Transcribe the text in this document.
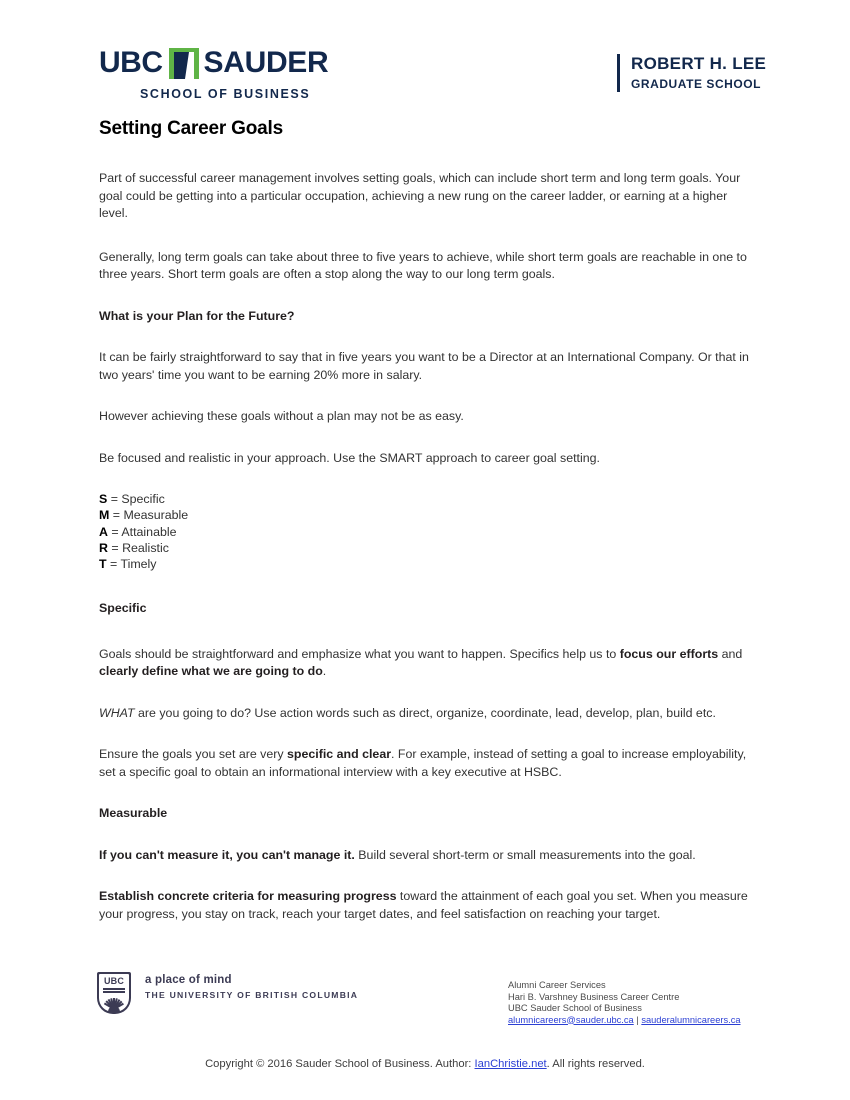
UBC SAUDER
SCHOOL OF BUSINESS
ROBERT H. LEE
GRADUATE SCHOOL
Setting Career Goals

Part of successful career management involves setting goals, which can include short term and long term goals. Your goal could be getting into a particular occupation, achieving a new rung on the career ladder, or earning at a higher level.

Generally, long term goals can take about three to five years to achieve, while short term goals are reachable in one to three years. Short term goals are often a stop along the way to our long term goals.

What is your Plan for the Future?

It can be fairly straightforward to say that in five years you want to be a Director at an International Company. Or that in two years' time you want to be earning 20% more in salary.

However achieving these goals without a plan may not be as easy.

Be focused and realistic in your approach. Use the SMART approach to career goal setting.

S = Specific
M = Measurable
A = Attainable
R = Realistic
T = Timely
Specific

Goals should be straightforward and emphasize what you want to happen. Specifics help us to focus our efforts and clearly define what we are going to do.

WHAT are you going to do? Use action words such as direct, organize, coordinate, lead, develop, plan, build etc.

Ensure the goals you set are very specific and clear. For example, instead of setting a goal to increase employability, set a specific goal to obtain an informational interview with a key executive at HSBC.

Measurable

If you can't measure it, you can't manage it. Build several short-term or small measurements into the goal.

Establish concrete criteria for measuring progress toward the attainment of each goal you set. When you measure your progress, you stay on track, reach your target dates, and feel satisfaction on reaching your target.

UBC	a place of mind
THE UNIVERSITY OF BRITISH COLUMBIA
Alumni Career Services
Hari B. Varshney Business Career Centre
UBC Sauder School of Business
alumnicareers@sauder.ubc.ca | sauderalumnicareers.ca
Copyright © 2016 Sauder School of Business. Author: IanChristie.net. All rights reserved.
